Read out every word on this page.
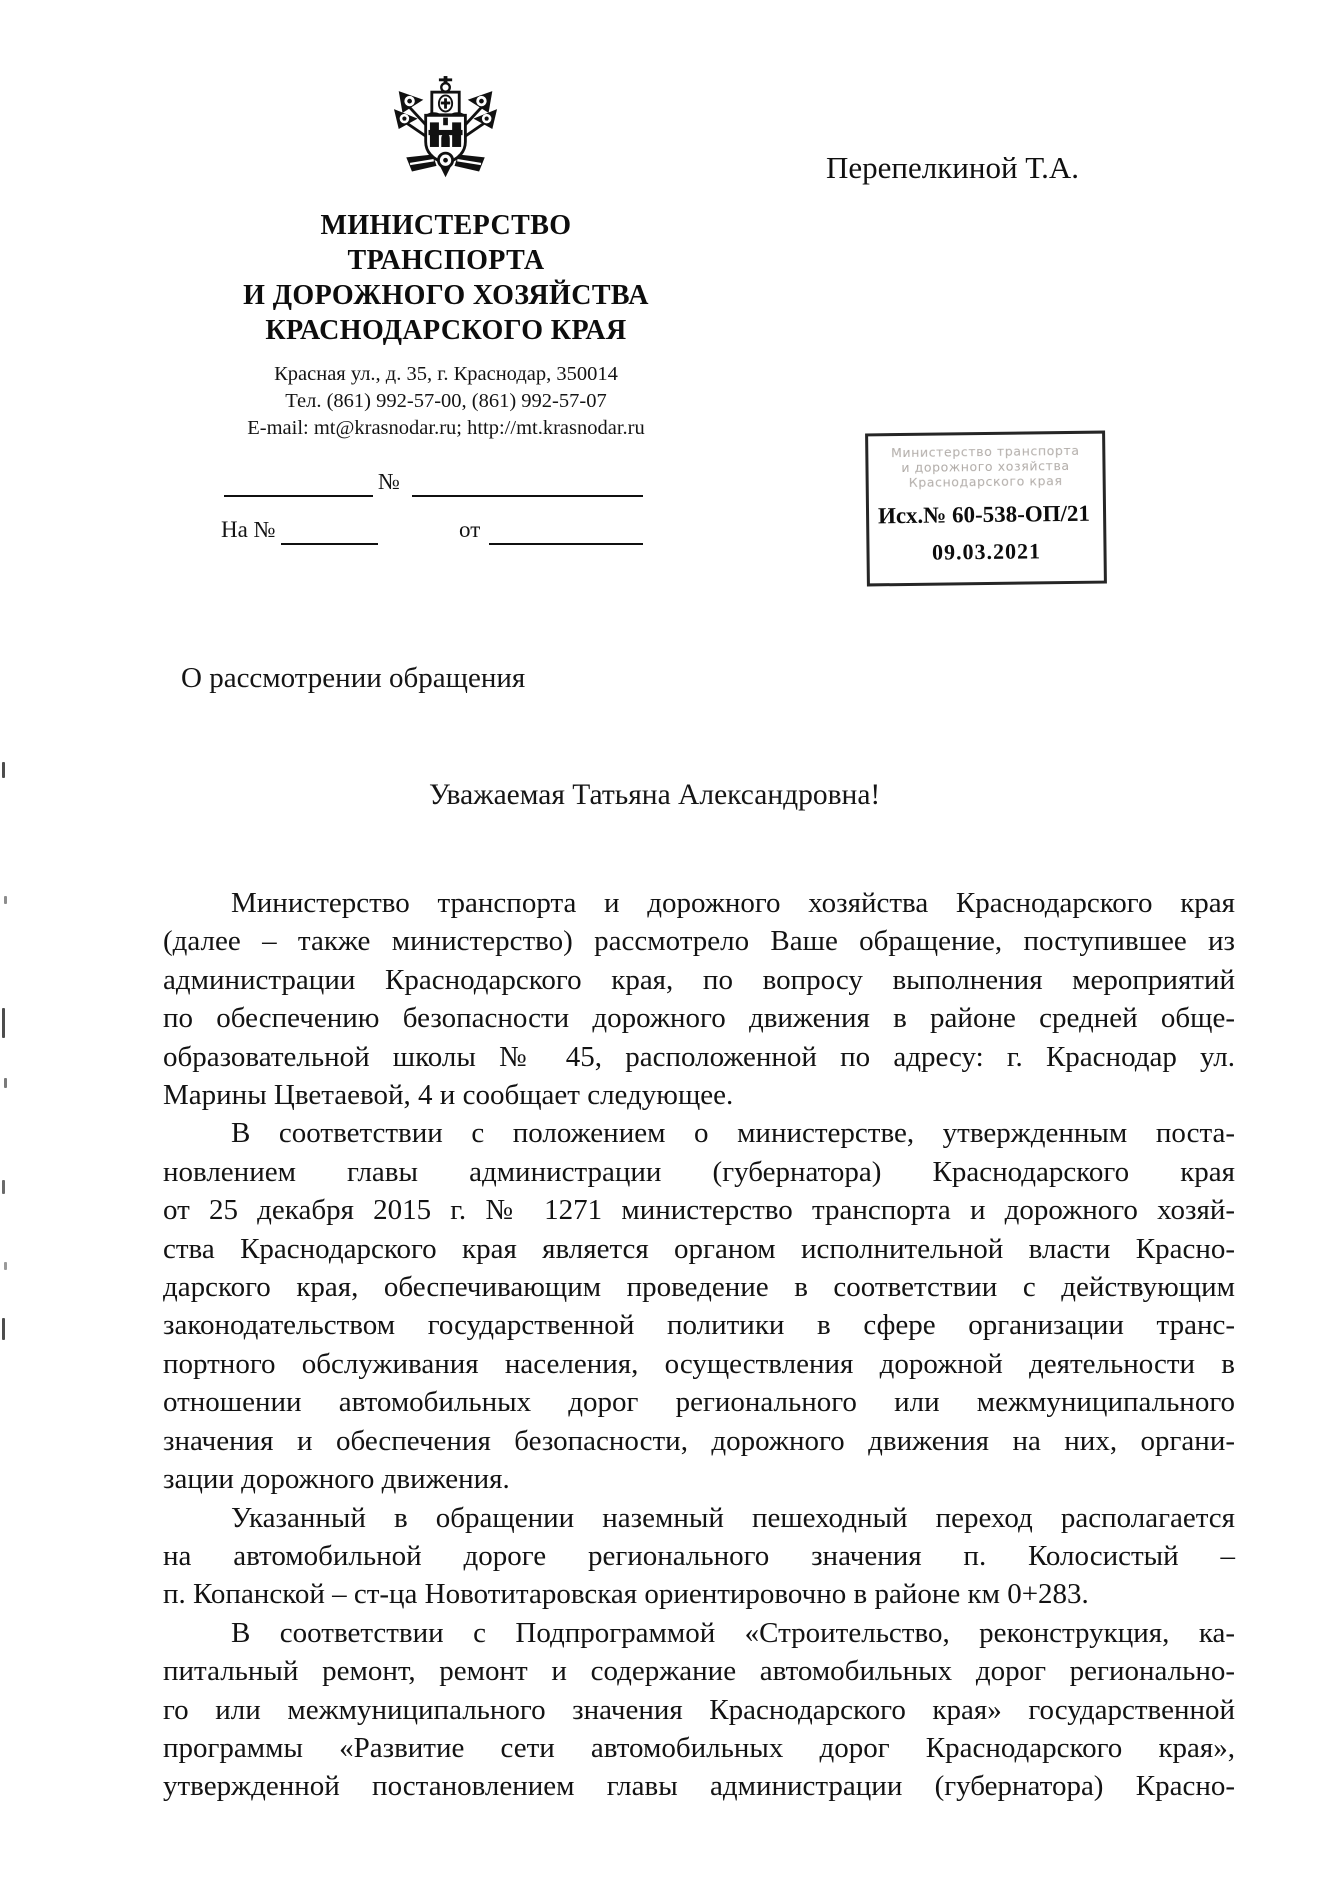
МИНИСТЕРСТВО
ТРАНСПОРТА
И ДОРОЖНОГО ХОЗЯЙСТВА
КРАСНОДАРСКОГО КРАЯ
Красная ул., д. 35, г. Краснодар, 350014
Тел. (861) 992-57-00, (861) 992-57-07
E-mail: mt@krasnodar.ru; http://mt.krasnodar.ru
№
На №	от
Перепелкиной Т.А.
Министерство транспорта
и дорожного хозяйства
Краснодарского края
Исх.№ 60-538-ОП/21
09.03.2021
О рассмотрении обращения
Уважаемая Татьяна Александровна!
Министерство транспорта и дорожного хозяйства Краснодарского края
(далее – также министерство) рассмотрело Ваше обращение, поступившее из
администрации Краснодарского края, по вопросу выполнения мероприятий
по обеспечению безопасности дорожного движения в районе средней обще-
образовательной школы № 45, расположенной по адресу: г. Краснодар ул.
Марины Цветаевой, 4 и сообщает следующее.
В соответствии с положением о министерстве, утвержденным поста-
новлением главы администрации (губернатора) Краснодарского края
от 25 декабря 2015 г. № 1271 министерство транспорта и дорожного хозяй-
ства Краснодарского края является органом исполнительной власти Красно-
дарского края, обеспечивающим проведение в соответствии с действующим
законодательством государственной политики в сфере организации транс-
портного обслуживания населения, осуществления дорожной деятельности в
отношении автомобильных дорог регионального или межмуниципального
значения и обеспечения безопасности, дорожного движения на них, органи-
зации дорожного движения.
Указанный в обращении наземный пешеходный переход располагается
на автомобильной дороге регионального значения п. Колосистый –
п. Копанской – ст-ца Новотитаровская ориентировочно в районе км 0+283.
В соответствии с Подпрограммой «Строительство, реконструкция, ка-
питальный ремонт, ремонт и содержание автомобильных дорог регионально-
го или межмуниципального значения Краснодарского края» государственной
программы «Развитие сети автомобильных дорог Краснодарского края»,
утвержденной постановлением главы администрации (губернатора) Красно-
